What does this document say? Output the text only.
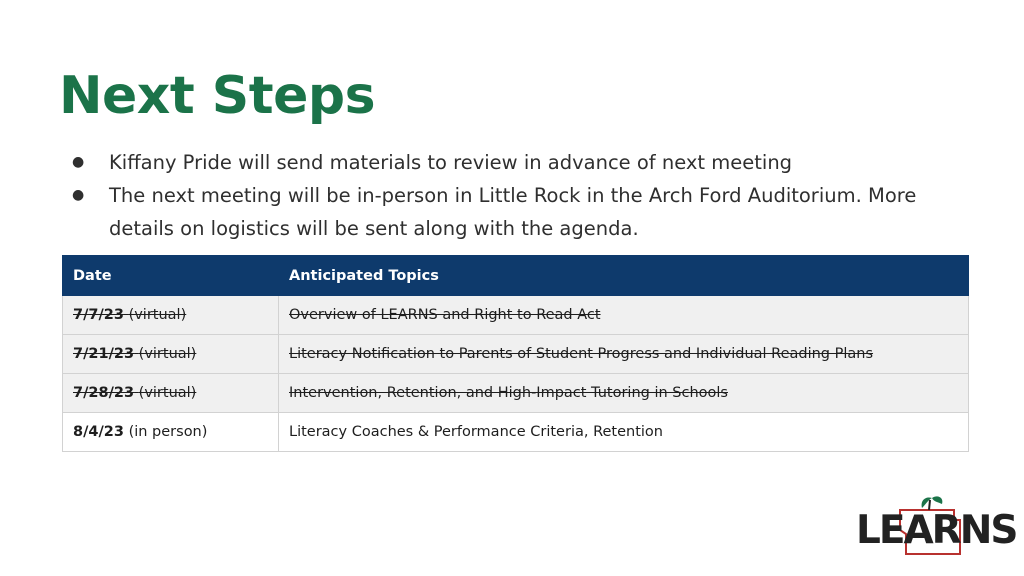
Next Steps
● Kiffany Pride will send materials to review in advance of next meeting
● The next meeting will be in-person in Little Rock in the Arch Ford Auditorium. More details on logistics will be sent along with the agenda.
Date	Anticipated Topics
7/7/23 (virtual)	Overview of LEARNS and Right to Read Act
7/21/23 (virtual)	Literacy Notification to Parents of Student Progress and Individual Reading Plans
7/28/23 (virtual)	Intervention, Retention, and High-Impact Tutoring in Schools
8/4/23 (in person)	Literacy Coaches & Performance Criteria, Retention
LEARNS
